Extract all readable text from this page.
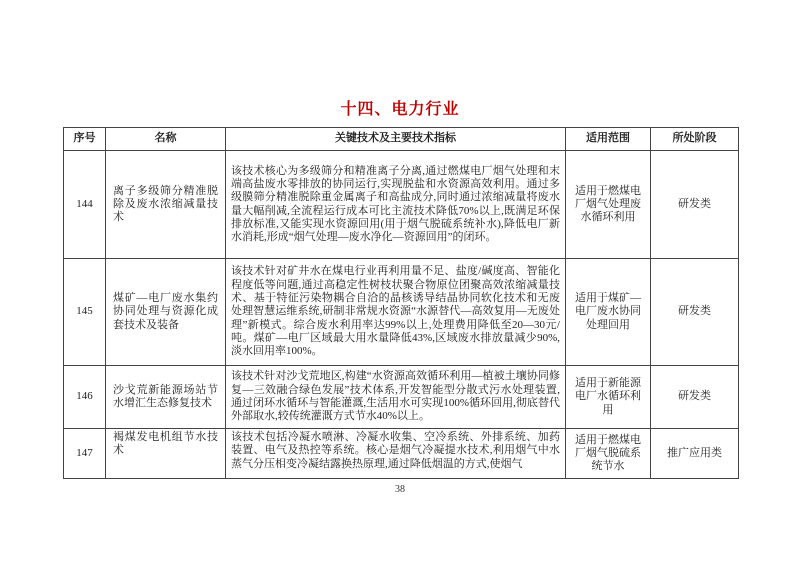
十四、电力行业
序号	名称	关键技术及主要技术指标	适用范围	所处阶段
144	离子多级筛分精准脱除及废水浓缩减量技术	该技术核心为多级筛分和精准离子分离,通过燃煤电厂烟气处理和末端高盐废水零排放的协同运行,实现脱盐和水资源高效利用。通过多级膜筛分精准脱除重金属离子和高盐成分,同时通过浓缩减量将废水量大幅削减,全流程运行成本可比主流技术降低70%以上,既满足环保排放标准,又能实现水资源回用(用于烟气脱硫系统补水),降低电厂新水消耗,形成“烟气处理—废水净化—资源回用”的闭环。	适用于燃煤电厂烟气处理废水循环利用	研发类
145	煤矿—电厂废水集约协同处理与资源化成套技术及装备	该技术针对矿井水在煤电行业再利用量不足、盐度/碱度高、智能化程度低等问题,通过高稳定性树枝状聚合物原位团聚高效浓缩减量技术、基于特征污染物耦合自洽的晶核诱导结晶协同软化技术和无废处理智慧运维系统,研制非常规水资源“水源替代—高效复用—无废处理”新模式。综合废水利用率达99%以上,处理费用降低至20—30元/吨。煤矿—电厂区域最大用水量降低43%,区域废水排放量减少90%,淡水回用率100%。	适用于煤矿—电厂废水协同处理回用	研发类
146	沙戈荒新能源场站节水增汇生态修复技术	该技术针对沙戈荒地区,构建“水资源高效循环利用—植被土壤协同修复—三效融合绿色发展”技术体系,开发智能型分散式污水处理装置,通过闭环水循环与智能灌溉,生活用水可实现100%循环回用,彻底替代外部取水,较传统灌溉方式节水40%以上。	适用于新能源电厂水循环利用	研发类
147	褐煤发电机组节水技术	该技术包括冷凝水喷淋、冷凝水收集、空冷系统、外排系统、加药装置、电气及热控等系统。核心是烟气冷凝提水技术,利用烟气中水蒸气分压相变冷凝结露换热原理,通过降低烟温的方式,使烟气	适用于燃煤电厂烟气脱硫系统节水	推广应用类
38
